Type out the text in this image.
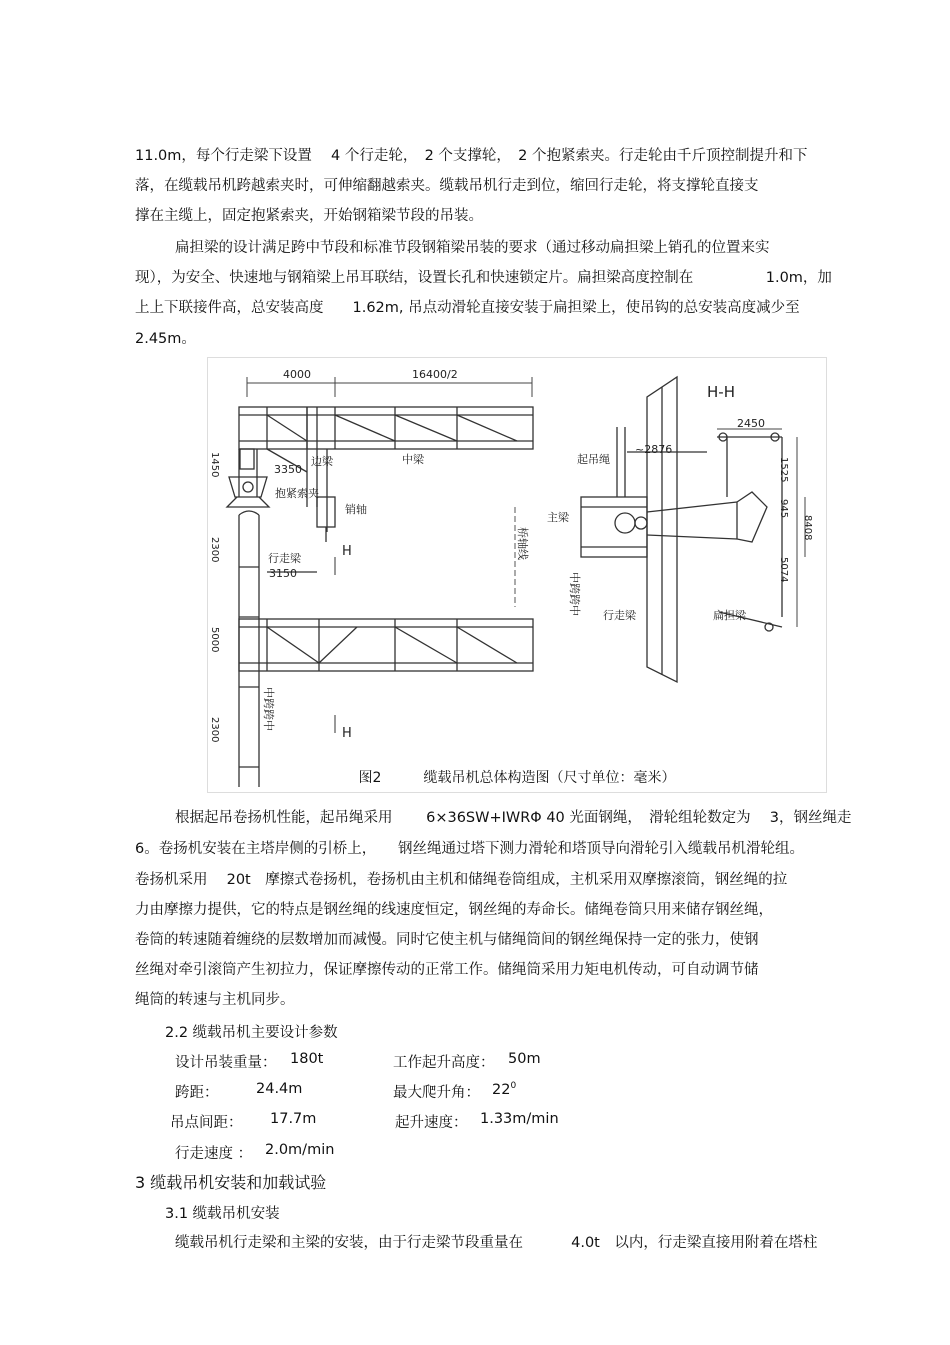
11.0m，每个行走梁下设置　 4 个行走轮，　2 个支撑轮，　2 个抱紧索夹。行走轮由千斤顶控制提升和下
落，在缆载吊机跨越索夹时，可伸缩翻越索夹。缆载吊机行走到位，缩回行走轮，将支撑轮直接支
撑在主缆上，固定抱紧索夹，开始钢箱梁节段的吊装。
扁担梁的设计满足跨中节段和标准节段钢箱梁吊装的要求（通过移动扁担梁上销孔的位置来实
现），为安全、快速地与钢箱梁上吊耳联结，设置长孔和快速锁定片。扁担梁高度控制在　　　　　1.0m，加
上上下联接件高，总安装高度　　1.62m, 吊点动滑轮直接安装于扁担梁上，使吊钩的总安装高度减少至
2.45m。
4000	16400/2
边梁	中梁
3350
抱紧索夹
行走梁
3150
1450
2300
5000
2300
销轴
H
H
桥轴线
中跨跨中
H-H
2450
~2876
起吊绳
主梁
中跨跨中 行走梁	扁担梁
1525
945
5074
8408
图2　　　缆载吊机总体构造图（尺寸单位：毫米）
根据起吊卷扬机性能，起吊绳采用　　 6×36SW+IWRΦ 40 光面钢绳，　滑轮组轮数定为　 3，钢丝绳走
6。卷扬机安装在主塔岸侧的引桥上，　　钢丝绳通过塔下测力滑轮和塔顶导向滑轮引入缆载吊机滑轮组。
卷扬机采用　 20t　摩擦式卷扬机，卷扬机由主机和储绳卷筒组成，主机采用双摩擦滚筒，钢丝绳的拉
力由摩擦力提供，它的特点是钢丝绳的线速度恒定，钢丝绳的寿命长。储绳卷筒只用来储存钢丝绳，
卷筒的转速随着缠绕的层数增加而减慢。同时它使主机与储绳筒间的钢丝绳保持一定的张力，使钢
丝绳对牵引滚筒产生初拉力，保证摩擦传动的正常工作。储绳筒采用力矩电机传动，可自动调节储
绳筒的转速与主机同步。
2.2 缆载吊机主要设计参数
设计吊装重量： 180t	工作起升高度： 50m
跨距：	24.4m	最大爬升角： $22^0$
吊点间距： 17.7m	起升速度： 1.33m/min
行走速度 ： 2.0m/min
3 缆载吊机安装和加载试验
3.1 缆载吊机安装
缆载吊机行走梁和主梁的安装，由于行走梁节段重量在　　　 4.0t　以内，行走梁直接用附着在塔柱
